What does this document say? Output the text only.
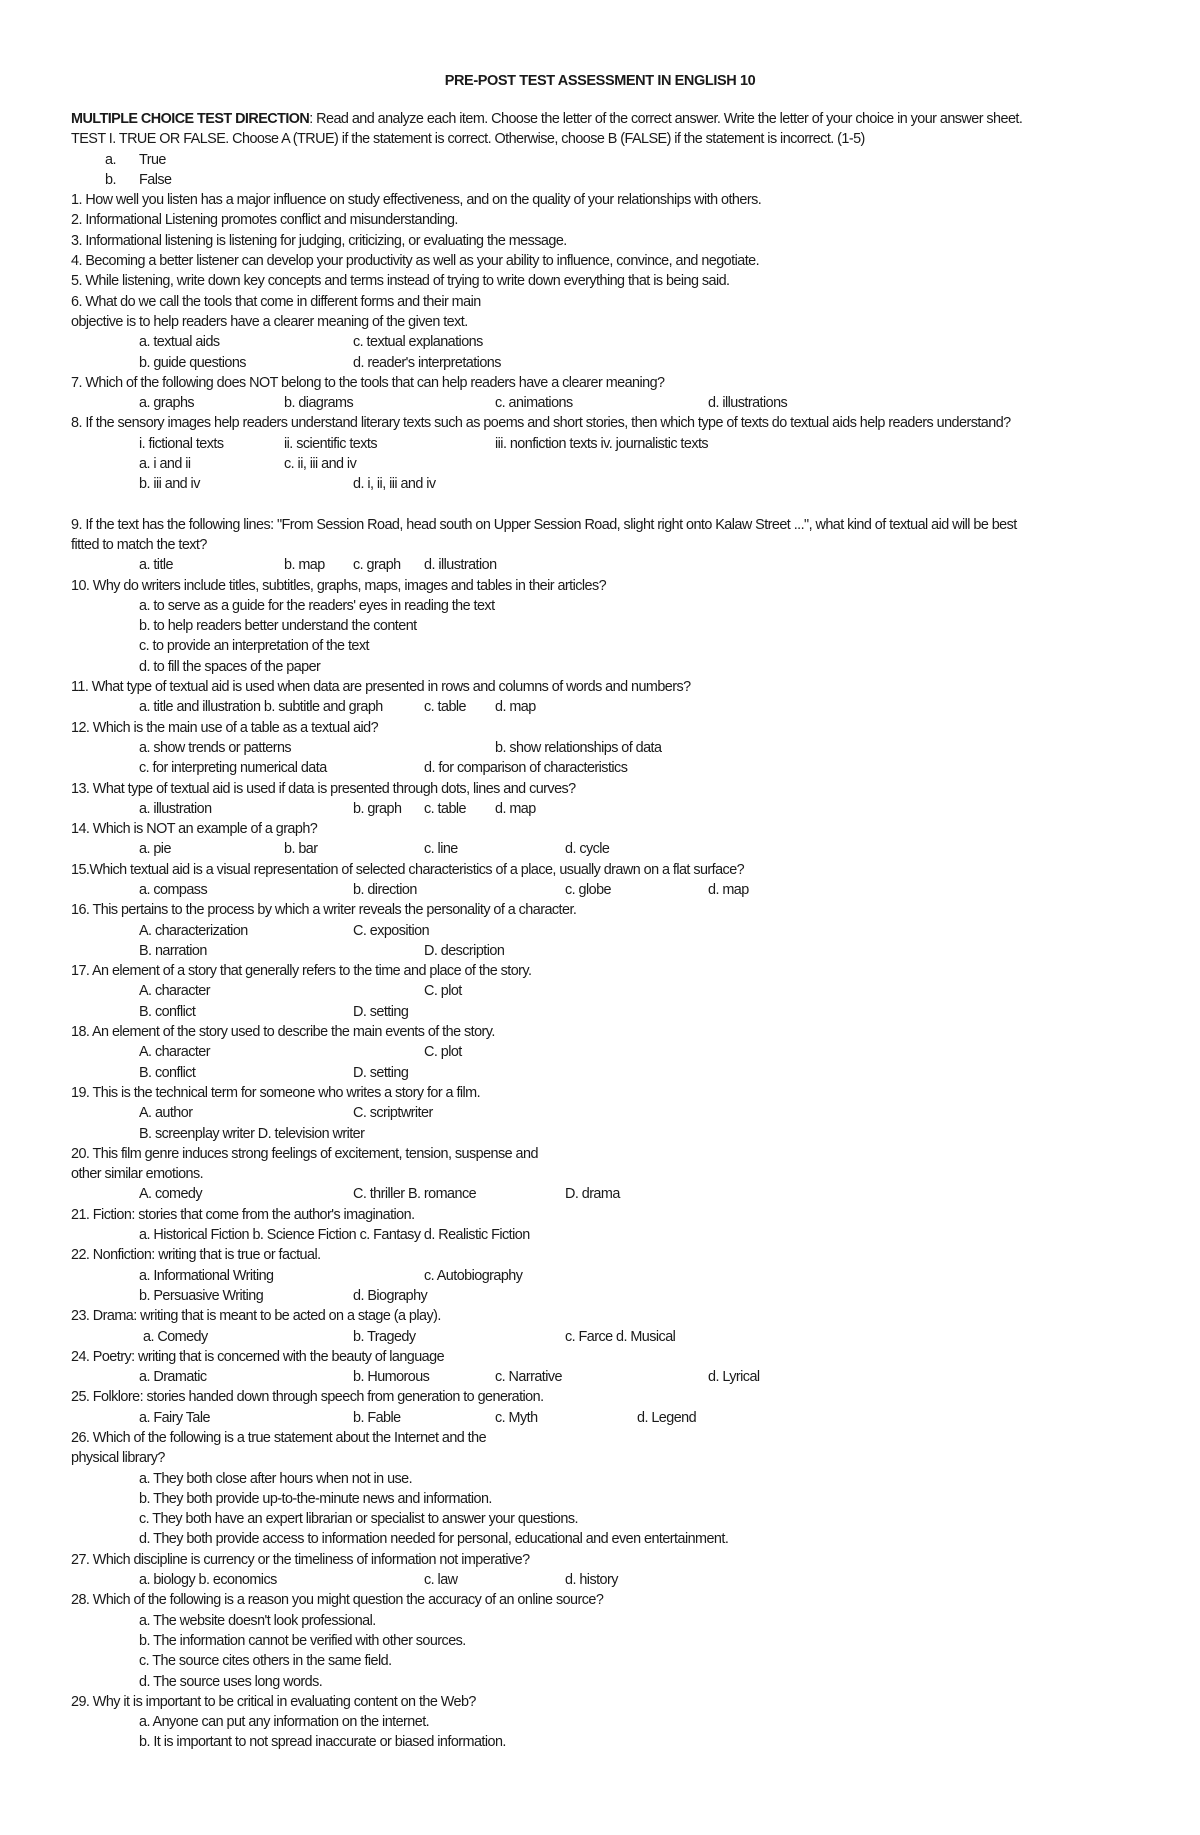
PRE-POST TEST ASSESSMENT IN ENGLISH 10
MULTIPLE CHOICE TEST DIRECTION: Read and analyze each item. Choose the letter of the correct answer. Write the letter of your choice in your answer sheet.
TEST I. TRUE OR FALSE. Choose A (TRUE) if the statement is correct. Otherwise, choose B (FALSE) if the statement is incorrect. (1-5)
a. True
b. False
1. How well you listen has a major influence on study effectiveness, and on the quality of your relationships with others.
2. Informational Listening promotes conflict and misunderstanding.
3. Informational listening is listening for judging, criticizing, or evaluating the message.
4. Becoming a better listener can develop your productivity as well as your ability to influence, convince, and negotiate.
5. While listening, write down key concepts and terms instead of trying to write down everything that is being said.
6. What do we call the tools that come in different forms and their main
objective is to help readers have a clearer meaning of the given text.
a. textual aids	c. textual explanations
b. guide questions	d. reader's interpretations
7. Which of the following does NOT belong to the tools that can help readers have a clearer meaning?
a. graphs	b. diagrams	c. animations	d. illustrations
8. If the sensory images help readers understand literary texts such as poems and short stories, then which type of texts do textual aids help readers understand?
i. fictional texts	ii. scientific texts	iii. nonfiction texts iv. journalistic texts
a. i and ii	c. ii, iii and iv
b. iii and iv	d. i, ii, iii and iv
9. If the text has the following lines: "From Session Road, head south on Upper Session Road, slight right onto Kalaw Street ...", what kind of textual aid will be best
fitted to match the text?
a. title	b. map c. graph d. illustration
10. Why do writers include titles, subtitles, graphs, maps, images and tables in their articles?
a. to serve as a guide for the readers' eyes in reading the text
b. to help readers better understand the content
c. to provide an interpretation of the text
d. to fill the spaces of the paper
11. What type of textual aid is used when data are presented in rows and columns of words and numbers?
a. title and illustration b. subtitle and graph	c. table d. map
12. Which is the main use of a table as a textual aid?
a. show trends or patterns	b. show relationships of data
c. for interpreting numerical data	d. for comparison of characteristics
13. What type of textual aid is used if data is presented through dots, lines and curves?
a. illustration	b. graph c. table d. map
14. Which is NOT an example of a graph?
a. pie	b. bar	c. line	d. cycle
15.Which textual aid is a visual representation of selected characteristics of a place, usually drawn on a flat surface?
a. compass	b. direction	c. globe	d. map
16. This pertains to the process by which a writer reveals the personality of a character.
A. characterization	C. exposition
B. narration	D. description
17. An element of a story that generally refers to the time and place of the story.
A. character	C. plot
B. conflict	D. setting
18. An element of the story used to describe the main events of the story.
A. character	C. plot
B. conflict	D. setting
19. This is the technical term for someone who writes a story for a film.
A. author	C. scriptwriter
B. screenplay writer D. television writer
20. This film genre induces strong feelings of excitement, tension, suspense and
other similar emotions.
A. comedy	C. thriller B. romance	D. drama
21. Fiction: stories that come from the author's imagination.
a. Historical Fiction b. Science Fiction c. Fantasy d. Realistic Fiction
22. Nonfiction: writing that is true or factual.
a. Informational Writing	c. Autobiography
b. Persuasive Writing	d. Biography
23. Drama: writing that is meant to be acted on a stage (a play).
a. Comedy	b. Tragedy	c. Farce d. Musical
24. Poetry: writing that is concerned with the beauty of language
a. Dramatic	b. Humorous	c. Narrative	d. Lyrical
25. Folklore: stories handed down through speech from generation to generation.
a. Fairy Tale	b. Fable	c. Myth	d. Legend
26. Which of the following is a true statement about the Internet and the
physical library?
a. They both close after hours when not in use.
b. They both provide up-to-the-minute news and information.
c. They both have an expert librarian or specialist to answer your questions.
d. They both provide access to information needed for personal, educational and even entertainment.
27. Which discipline is currency or the timeliness of information not imperative?
a. biology b. economics	c. law	d. history
28. Which of the following is a reason you might question the accuracy of an online source?
a. The website doesn't look professional.
b. The information cannot be verified with other sources.
c. The source cites others in the same field.
d. The source uses long words.
29. Why it is important to be critical in evaluating content on the Web?
a. Anyone can put any information on the internet.
b. It is important to not spread inaccurate or biased information.
